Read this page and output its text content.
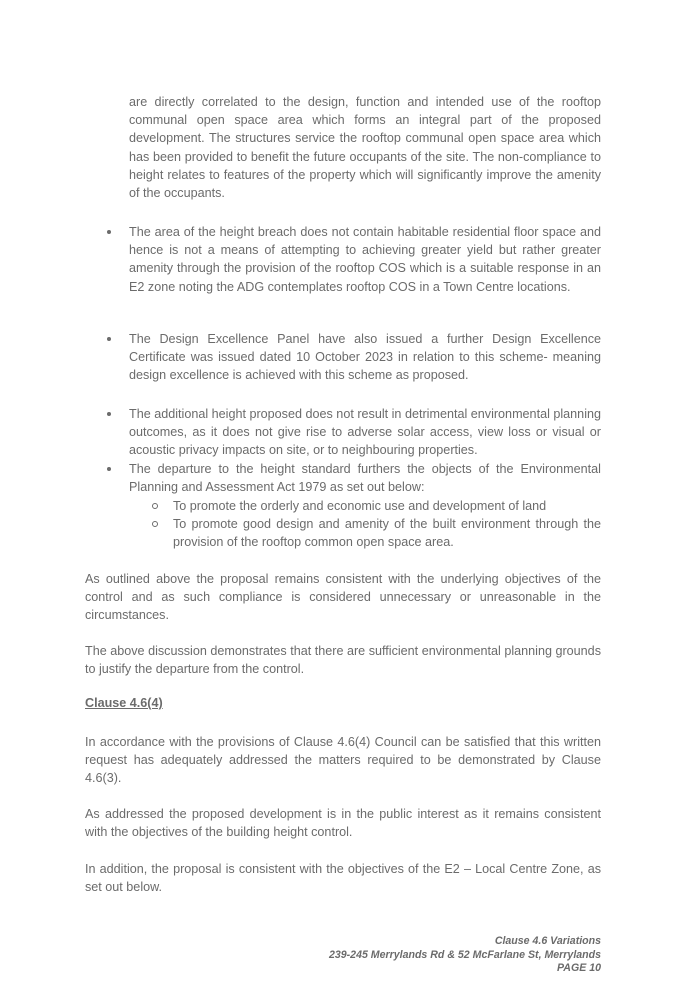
are directly correlated to the design, function and intended use of the rooftop communal open space area which forms an integral part of the proposed development. The structures service the rooftop communal open space area which has been provided to benefit the future occupants of the site. The non-compliance to height relates to features of the property which will significantly improve the amenity of the occupants.

The area of the height breach does not contain habitable residential floor space and hence is not a means of attempting to achieving greater yield but rather greater amenity through the provision of the rooftop COS which is a suitable response in an E2 zone noting the ADG contemplates rooftop COS in a Town Centre locations.

The Design Excellence Panel have also issued a further Design Excellence Certificate was issued dated 10 October 2023 in relation to this scheme- meaning design excellence is achieved with this scheme as proposed.

The additional height proposed does not result in detrimental environmental planning outcomes, as it does not give rise to adverse solar access, view loss or visual or acoustic privacy impacts on site, or to neighbouring properties.

The departure to the height standard furthers the objects of the Environmental Planning and Assessment Act 1979 as set out below:

To promote the orderly and economic use and development of land

To promote good design and amenity of the built environment through the provision of the rooftop common open space area.

As outlined above the proposal remains consistent with the underlying objectives of the control and as such compliance is considered unnecessary or unreasonable in the circumstances.

The above discussion demonstrates that there are sufficient environmental planning grounds to justify the departure from the control.

Clause 4.6(4)

In accordance with the provisions of Clause 4.6(4) Council can be satisfied that this written request has adequately addressed the matters required to be demonstrated by Clause 4.6(3).

As addressed the proposed development is in the public interest as it remains consistent with the objectives of the building height control.

In addition, the proposal is consistent with the objectives of the E2 – Local Centre Zone, as set out below.

Clause 4.6 Variations
239-245 Merrylands Rd & 52 McFarlane St, Merrylands
PAGE 10
